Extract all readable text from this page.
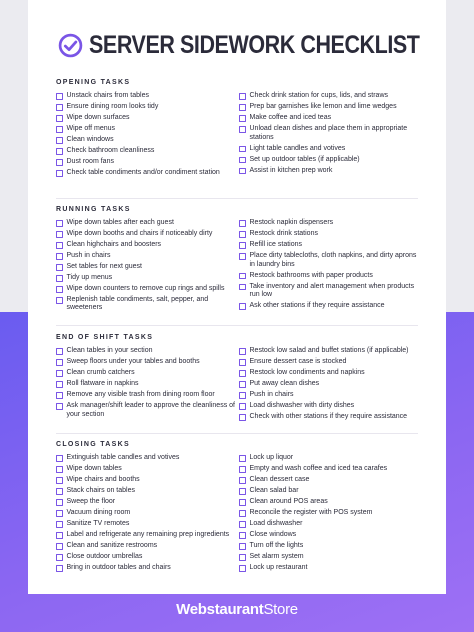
SERVER SIDEWORK CHECKLIST
OPENING TASKS
Unstack chairs from tables
Ensure dining room looks tidy
Wipe down surfaces
Wipe off menus
Clean windows
Check bathroom cleanliness
Dust room fans
Check table condiments and/or condiment station
Check drink station for cups, lids, and straws
Prep bar garnishes like lemon and lime wedges
Make coffee and iced teas
Unload clean dishes and place them in appropriate stations
Light table candles and votives
Set up outdoor tables (if applicable)
Assist in kitchen prep work
RUNNING TASKS
Wipe down tables after each guest
Wipe down booths and chairs if noticeably dirty
Clean highchairs and boosters
Push in chairs
Set tables for next guest
Tidy up menus
Wipe down counters to remove cup rings and spills
Replenish table condiments, salt, pepper, and sweeteners
Restock napkin dispensers
Restock drink stations
Refill ice stations
Place dirty tablecloths, cloth napkins, and dirty aprons in laundry bins
Restock bathrooms with paper products
Take inventory and alert management when products run low
Ask other stations if they require assistance
END OF SHIFT TASKS
Clean tables in your section
Sweep floors under your tables and booths
Clean crumb catchers
Roll flatware in napkins
Remove any visible trash from dining room floor
Ask manager/shift leader to approve the cleanliness of your section
Restock low salad and buffet stations (if applicable)
Ensure dessert case is stocked
Restock low condiments and napkins
Put away clean dishes
Push in chairs
Load dishwasher with dirty dishes
Check with other stations if they require assistance
CLOSING TASKS
Extinguish table candles and votives
Wipe down tables
Wipe chairs and booths
Stack chairs on tables
Sweep the floor
Vacuum dining room
Sanitize TV remotes
Label and refrigerate any remaining prep ingredients
Clean and sanitize restrooms
Close outdoor umbrellas
Bring in outdoor tables and chairs
Lock up liquor
Empty and wash coffee and iced tea carafes
Clean dessert case
Clean salad bar
Clean around POS areas
Reconcile the register with POS system
Load dishwasher
Close windows
Turn off the lights
Set alarm system
Lock up restaurant
WebstaurantStore
